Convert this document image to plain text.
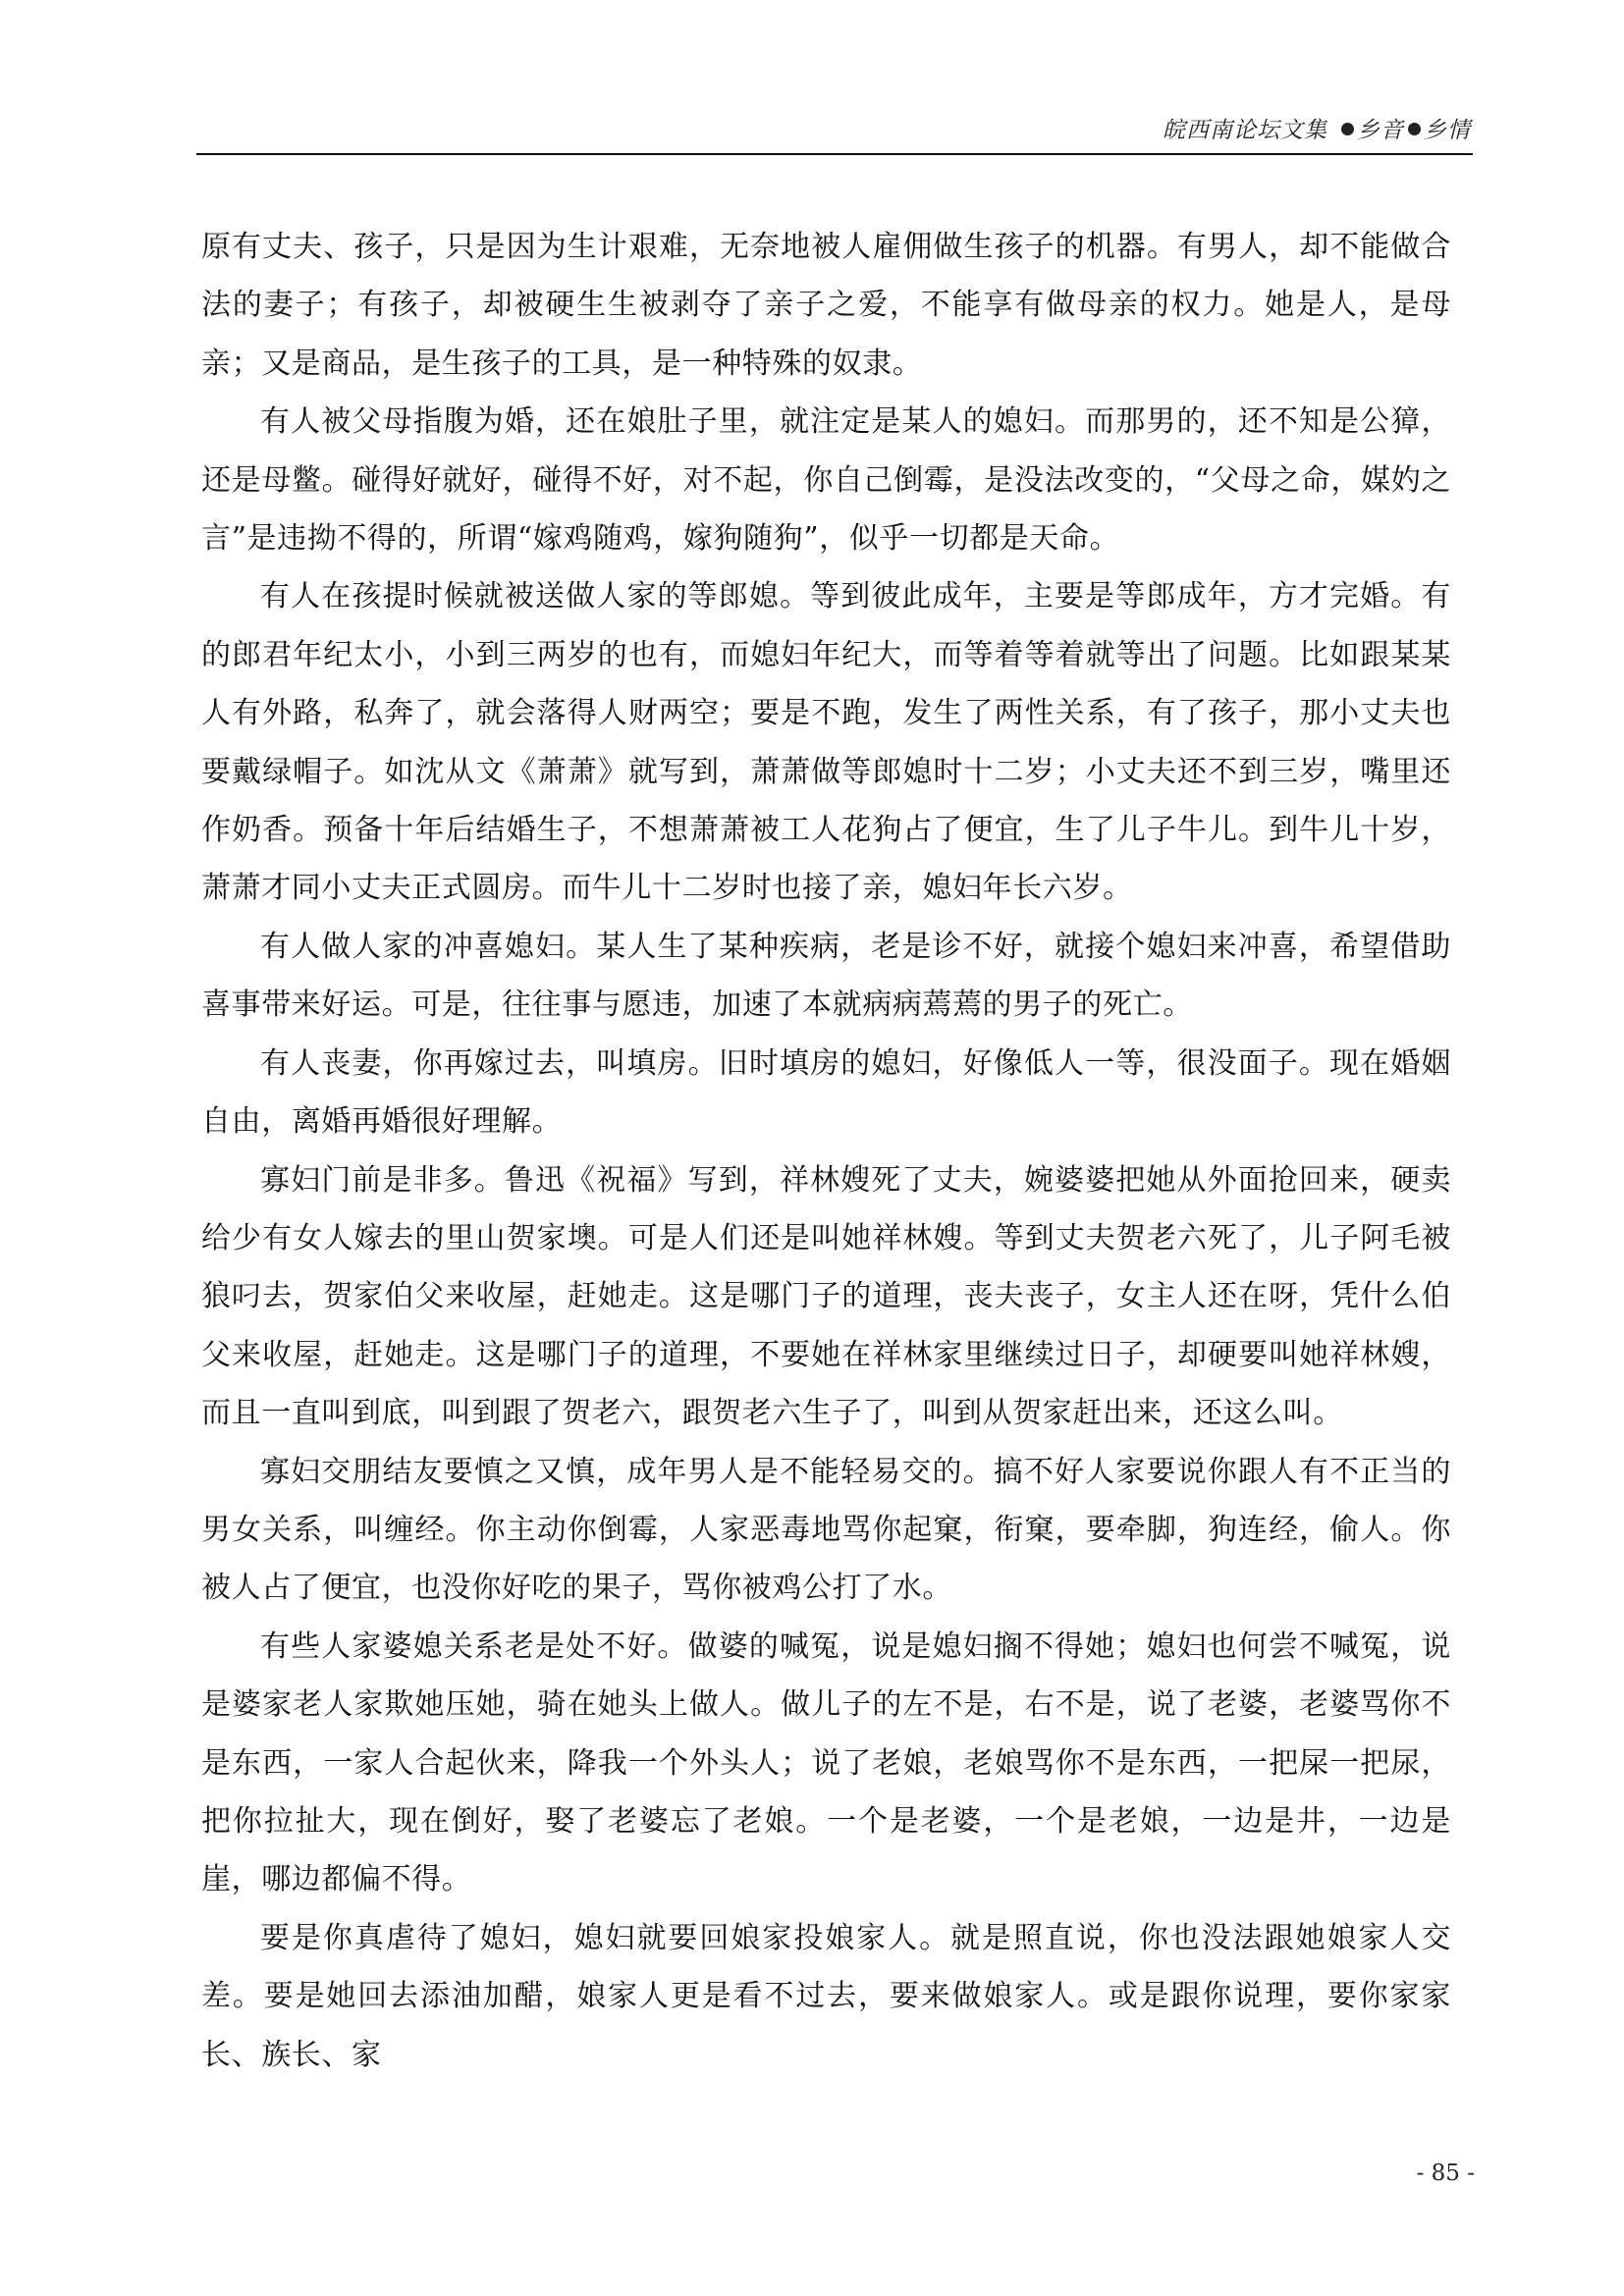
皖西南论坛文集 乡音 乡情

原有丈夫、孩子，只是因为生计艰难，无奈地被人雇佣做生孩子的机器。有男人，却不能做合法的妻子；有孩子，却被硬生生被剥夺了亲子之爱，不能享有做母亲的权力。她是人，是母亲；又是商品，是生孩子的工具，是一种特殊的奴隶。

有人被父母指腹为婚，还在娘肚子里，就注定是某人的媳妇。而那男的，还不知是公獐，还是母鳖。碰得好就好，碰得不好，对不起，你自己倒霉，是没法改变的，“父母之命，媒妁之言”是违拗不得的，所谓“嫁鸡随鸡，嫁狗随狗”，似乎一切都是天命。

有人在孩提时候就被送做人家的等郎媳。等到彼此成年，主要是等郎成年，方才完婚。有的郎君年纪太小，小到三两岁的也有，而媳妇年纪大，而等着等着就等出了问题。比如跟某某人有外路，私奔了，就会落得人财两空；要是不跑，发生了两性关系，有了孩子，那小丈夫也要戴绿帽子。如沈从文《萧萧》就写到，萧萧做等郎媳时十二岁；小丈夫还不到三岁，嘴里还作奶香。预备十年后结婚生子，不想萧萧被工人花狗占了便宜，生了儿子牛儿。到牛儿十岁，萧萧才同小丈夫正式圆房。而牛儿十二岁时也接了亲，媳妇年长六岁。

有人做人家的冲喜媳妇。某人生了某种疾病，老是诊不好，就接个媳妇来冲喜，希望借助喜事带来好运。可是，往往事与愿违，加速了本就病病蔫蔫的男子的死亡。

有人丧妻，你再嫁过去，叫填房。旧时填房的媳妇，好像低人一等，很没面子。现在婚姻自由，离婚再婚很好理解。

寡妇门前是非多。鲁迅《祝福》写到，祥林嫂死了丈夫，婉婆婆把她从外面抢回来，硬卖给少有女人嫁去的里山贺家墺。可是人们还是叫她祥林嫂。等到丈夫贺老六死了，儿子阿毛被狼叼去，贺家伯父来收屋，赶她走。这是哪门子的道理，丧夫丧子，女主人还在呀，凭什么伯父来收屋，赶她走。这是哪门子的道理，不要她在祥林家里继续过日子，却硬要叫她祥林嫂，而且一直叫到底，叫到跟了贺老六，跟贺老六生子了，叫到从贺家赶出来，还这么叫。

寡妇交朋结友要慎之又慎，成年男人是不能轻易交的。搞不好人家要说你跟人有不正当的男女关系，叫缠经。你主动你倒霉，人家恶毒地骂你起窠，衔窠，要牵脚，狗连经，偷人。你被人占了便宜，也没你好吃的果子，骂你被鸡公打了水。

有些人家婆媳关系老是处不好。做婆的喊冤，说是媳妇搁不得她；媳妇也何尝不喊冤，说是婆家老人家欺她压她，骑在她头上做人。做儿子的左不是，右不是，说了老婆，老婆骂你不是东西，一家人合起伙来，降我一个外头人；说了老娘，老娘骂你不是东西，一把屎一把尿，把你拉扯大，现在倒好，娶了老婆忘了老娘。一个是老婆，一个是老娘，一边是井，一边是崖，哪边都偏不得。

要是你真虐待了媳妇，媳妇就要回娘家投娘家人。就是照直说，你也没法跟她娘家人交差。要是她回去添油加醋，娘家人更是看不过去，要来做娘家人。或是跟你说理，要你家家长、族长、家

- 85 -
